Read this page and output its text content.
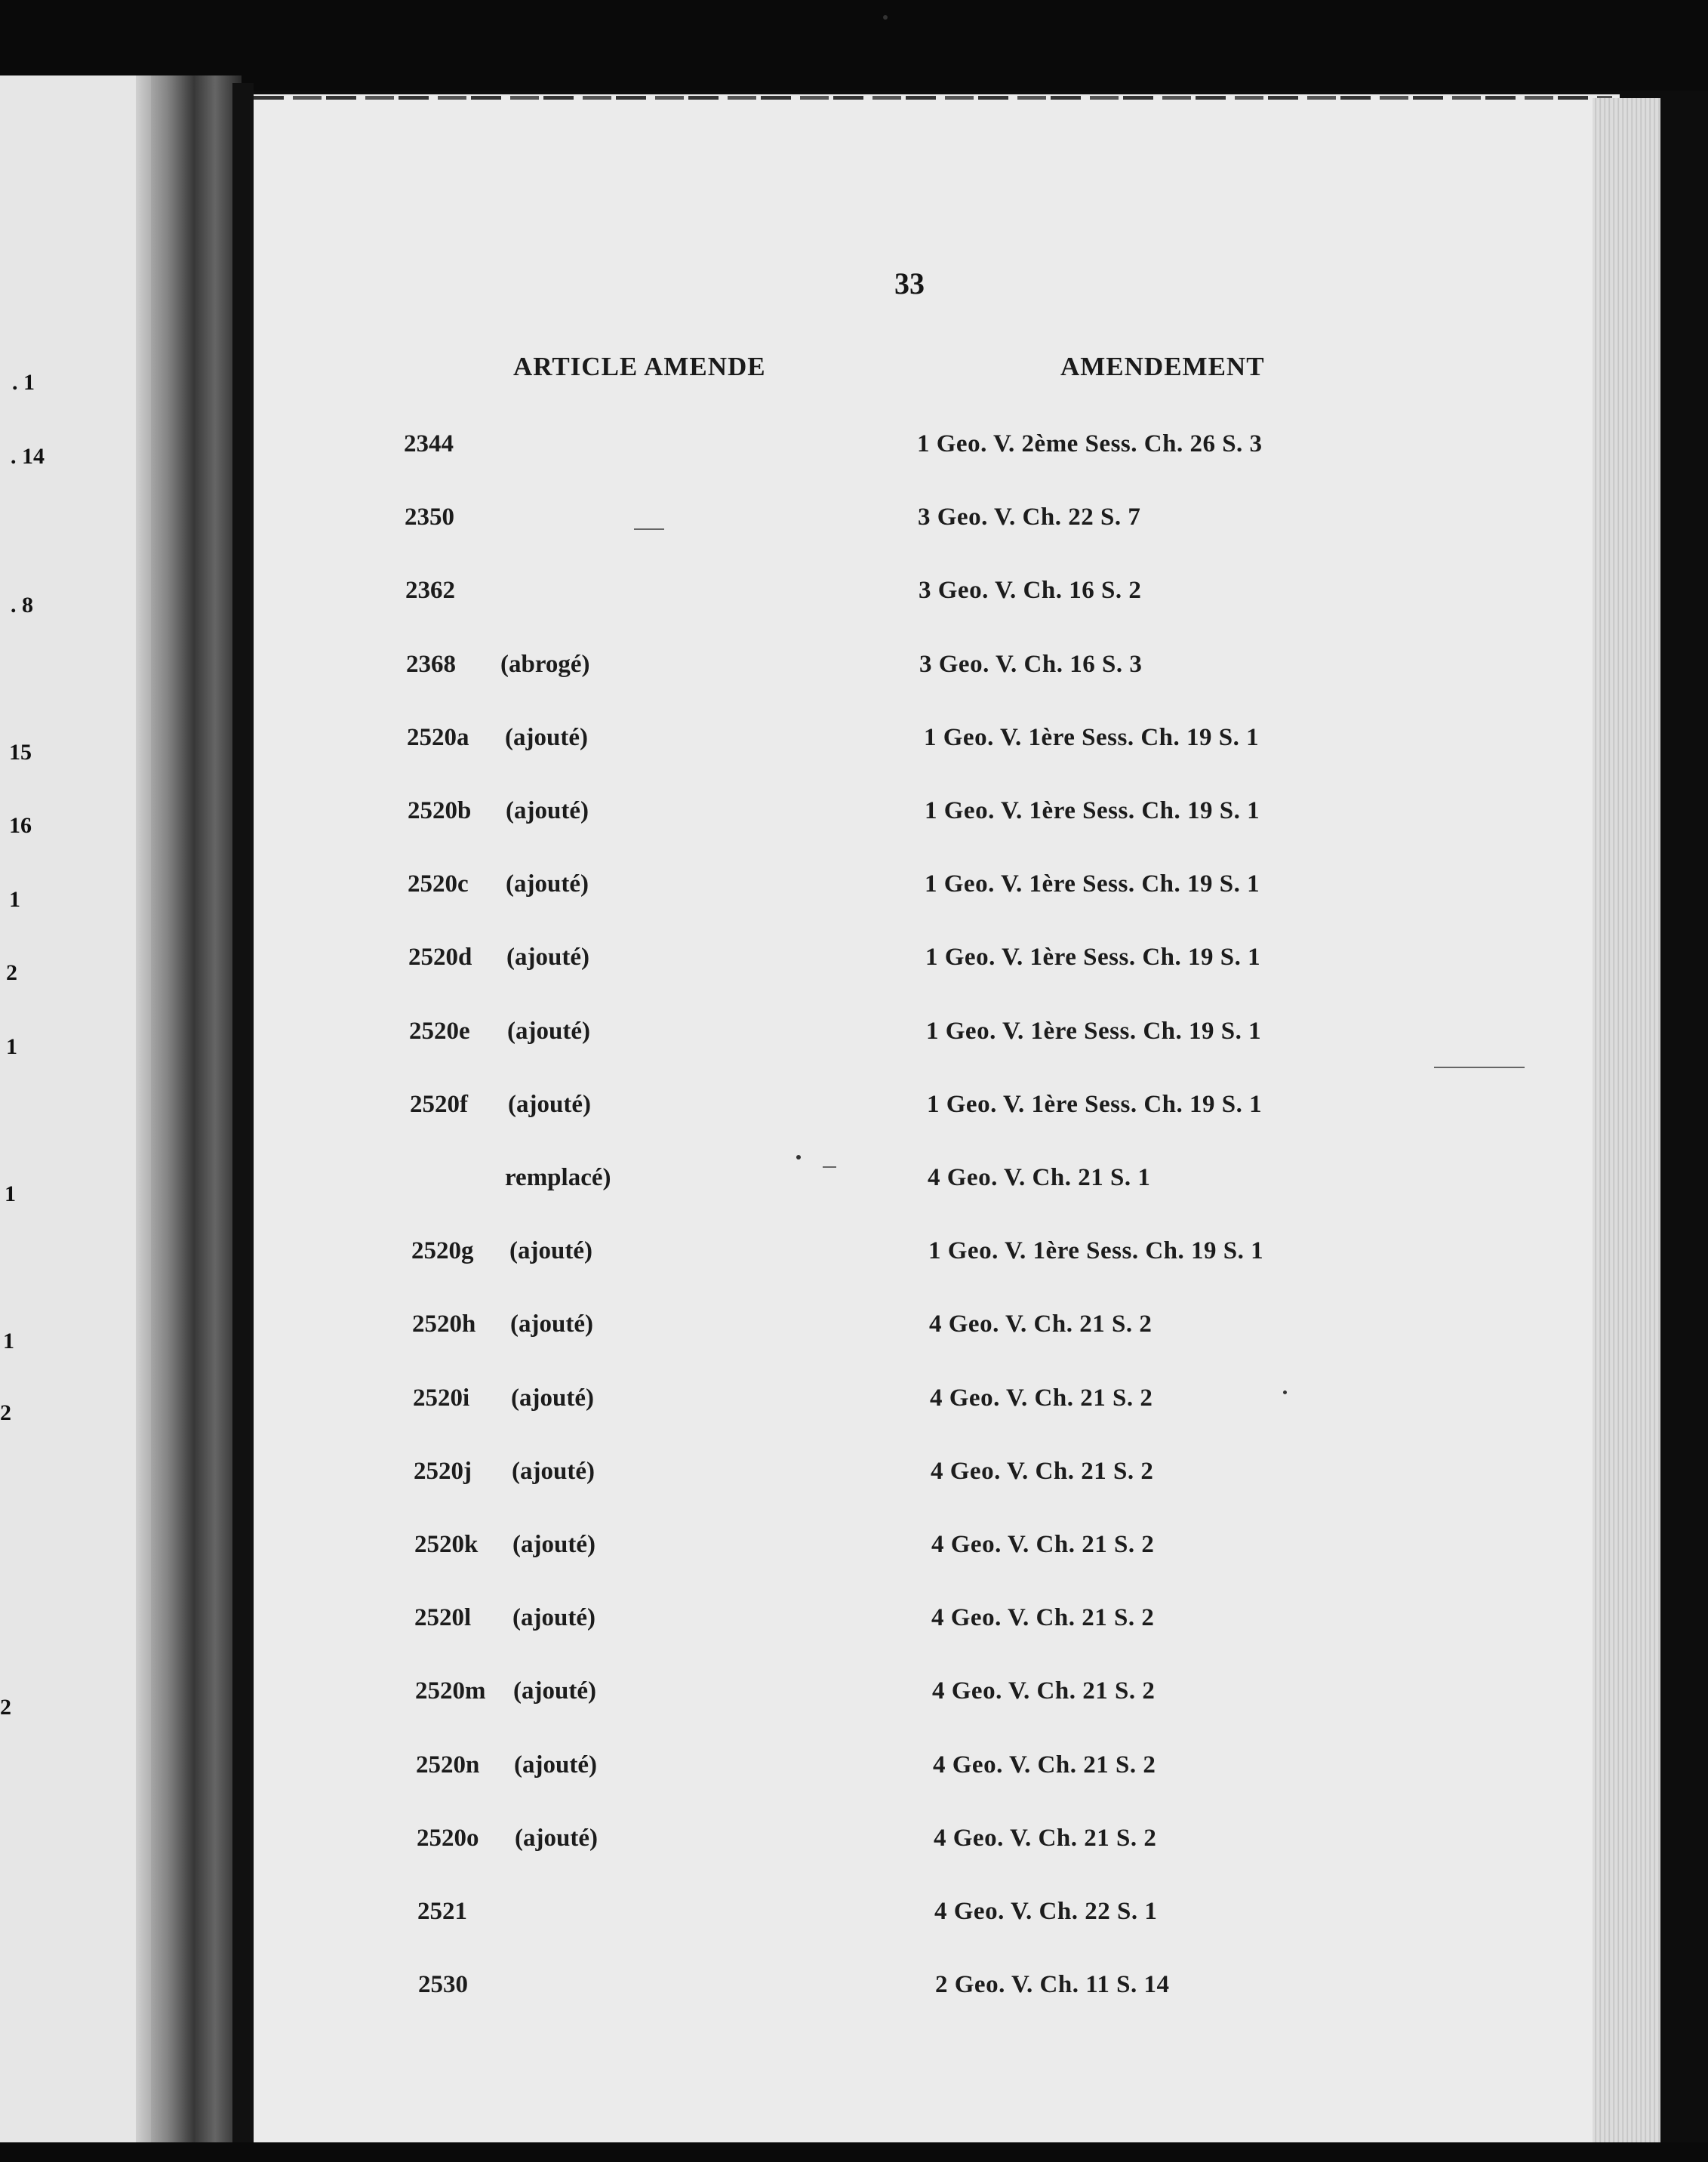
. 1
. 14
. 8
15
16
1
2
1
1
1
2
2
33
ARTICLE AMENDE	AMENDEMENT
2344	1 Geo. V. 2ème Sess. Ch. 26 S. 3
2350	3 Geo. V. Ch. 22 S. 7
2362	3 Geo. V. Ch. 16 S. 2
2368 (abrogé)	3 Geo. V. Ch. 16 S. 3
2520a (ajouté)	1 Geo. V. 1ère Sess. Ch. 19 S. 1
2520b (ajouté)	1 Geo. V. 1ère Sess. Ch. 19 S. 1
2520c (ajouté)	1 Geo. V. 1ère Sess. Ch. 19 S. 1
2520d (ajouté)	1 Geo. V. 1ère Sess. Ch. 19 S. 1
2520e (ajouté)	1 Geo. V. 1ère Sess. Ch. 19 S. 1
2520f (ajouté)	1 Geo. V. 1ère Sess. Ch. 19 S. 1
remplacé)	4 Geo. V. Ch. 21 S. 1
2520g (ajouté)	1 Geo. V. 1ère Sess. Ch. 19 S. 1
2520h (ajouté)	4 Geo. V. Ch. 21 S. 2
2520i (ajouté)	4 Geo. V. Ch. 21 S. 2
2520j (ajouté)	4 Geo. V. Ch. 21 S. 2
2520k (ajouté)	4 Geo. V. Ch. 21 S. 2
2520l (ajouté)	4 Geo. V. Ch. 21 S. 2
2520m (ajouté)	4 Geo. V. Ch. 21 S. 2
2520n (ajouté)	4 Geo. V. Ch. 21 S. 2
2520o (ajouté)	4 Geo. V. Ch. 21 S. 2
2521	4 Geo. V. Ch. 22 S. 1
2530	2 Geo. V. Ch. 11 S. 14
